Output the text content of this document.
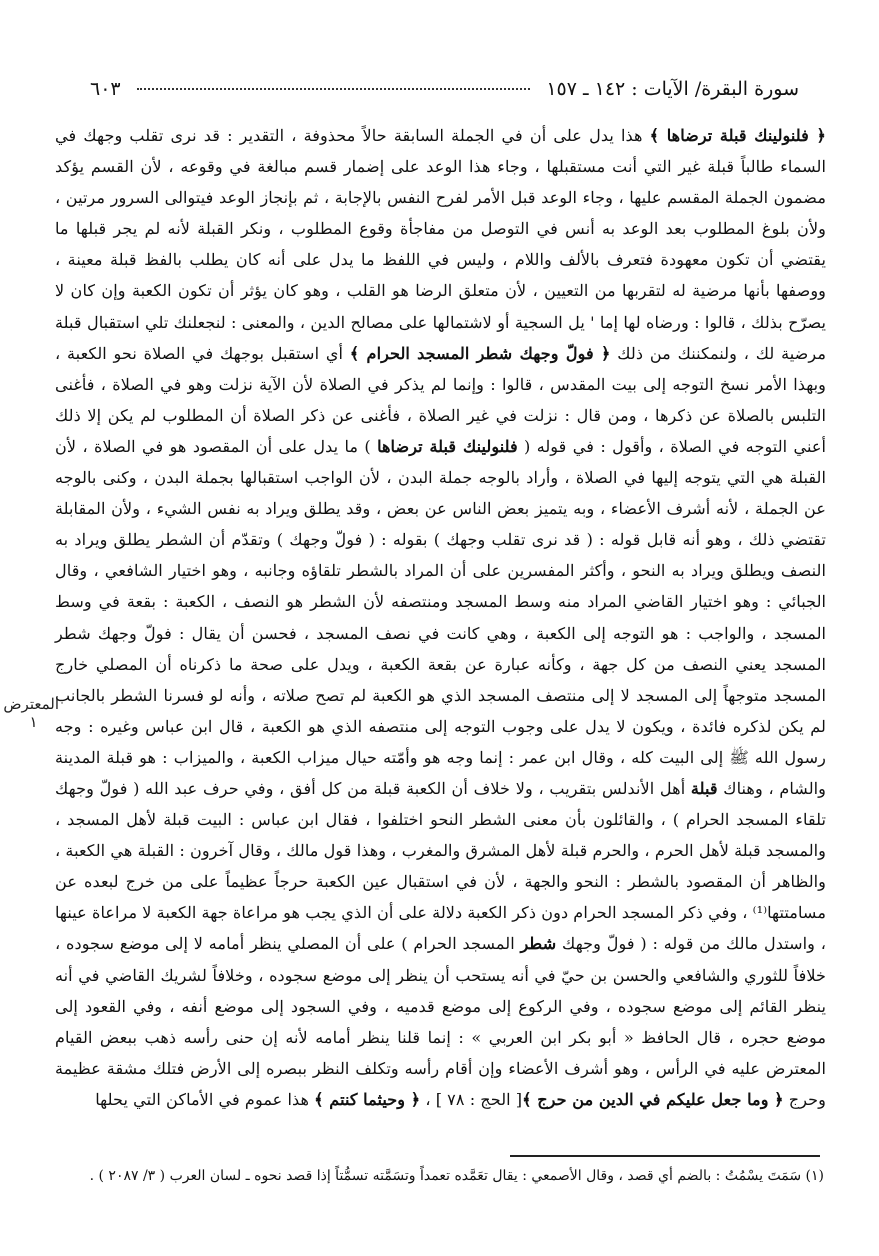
سورة البقرة/ الآيات : ١٤٢ ـ ١٥٧
٦٠٣

﴿ فلنولينك قبلة ترضاها ﴾ هذا يدل على أن في الجملة السابقة حالاً محذوفة ، التقدير : قد نرى تقلب وجهك في السماء طالباً قبلة غير التي أنت مستقبلها ، وجاء هذا الوعد على إضمار قسم مبالغة في وقوعه ، لأن القسم يؤكد مضمون الجملة المقسم عليها ، وجاء الوعد قبل الأمر لفرح النفس بالإجابة ، ثم بإنجاز الوعد فيتوالى السرور مرتين ، ولأن بلوغ المطلوب بعد الوعد به أنس في التوصل من مفاجأة وقوع المطلوب ، ونكر القبلة لأنه لم يجر قبلها ما يقتضي أن تكون معهودة فتعرف بالألف واللام ، وليس في اللفظ ما يدل على أنه كان يطلب بالفظ قبلة معينة ، ووصفها بأنها مرضية له لتقربها من التعيين ، لأن متعلق الرضا هو القلب ، وهو كان يؤثر أن تكون الكعبة وإن كان لا يصرّح بذلك ، قالوا : ورضاه لها إما ' يل السجية أو لاشتمالها على مصالح الدين ، والمعنى : لنجعلنك تلي استقبال قبلة مرضية لك ، ولنمكننك من ذلك ﴿ فولّ وجهك شطر المسجد الحرام ﴾ أي استقبل بوجهك في الصلاة نحو الكعبة ، وبهذا الأمر نسخ التوجه إلى بيت المقدس ، قالوا : وإنما لم يذكر في الصلاة لأن الآية نزلت وهو في الصلاة ، فأغنى التلبس بالصلاة عن ذكرها ، ومن قال : نزلت في غير الصلاة ، فأغنى عن ذكر الصلاة أن المطلوب لم يكن إلا ذلك أعني التوجه في الصلاة ، وأقول : في قوله ( فلنولينك قبلة ترضاها ) ما يدل على أن المقصود هو في الصلاة ، لأن القبلة هي التي يتوجه إليها في الصلاة ، وأراد بالوجه جملة البدن ، لأن الواجب استقبالها بجملة البدن ، وكنى بالوجه عن الجملة ، لأنه أشرف الأعضاء ، وبه يتميز بعض الناس عن بعض ، وقد يطلق ويراد به نفس الشيء ، ولأن المقابلة تقتضي ذلك ، وهو أنه قابل قوله : ( قد نرى تقلب وجهك ) بقوله : ( فولّ وجهك ) وتقدّم أن الشطر يطلق ويراد به النصف ويطلق ويراد به النحو ، وأكثر المفسرين على أن المراد بالشطر تلقاؤه وجانبه ، وهو اختيار الشافعي ، وقال الجبائي : وهو اختيار القاضي المراد منه وسط المسجد ومنتصفه لأن الشطر هو النصف ، الكعبة : بقعة في وسط المسجد ، والواجب : هو التوجه إلى الكعبة ، وهي كانت في نصف المسجد ، فحسن أن يقال : فولّ وجهك شطر المسجد يعني النصف من كل جهة ، وكأنه عبارة عن بقعة الكعبة ، ويدل على صحة ما ذكرناه أن المصلي خارج المسجد متوجهاً إلى المسجد لا إلى منتصف المسجد الذي هو الكعبة لم تصح صلاته ، وأنه لو فسرنا الشطر بالجانب لم يكن لذكره فائدة ، ويكون لا يدل على وجوب التوجه إلى منتصفه الذي هو الكعبة ، قال ابن عباس وغيره : وجه رسول الله ﷺ إلى البيت كله ، وقال ابن عمر : إنما وجه هو وأمّته حيال ميزاب الكعبة ، والميزاب : هو قبلة المدينة والشام ، وهناك قبلة أهل الأندلس بتقريب ، ولا خلاف أن الكعبة قبلة من كل أفق ، وفي حرف عبد الله ( فولّ وجهك تلقاء المسجد الحرام ) ، والقائلون بأن معنى الشطر النحو اختلفوا ، فقال ابن عباس : البيت قبلة لأهل المسجد ، والمسجد قبلة لأهل الحرم ، والحرم قبلة لأهل المشرق والمغرب ، وهذا قول مالك ، وقال آخرون : القبلة هي الكعبة ، والظاهر أن المقصود بالشطر : النحو والجهة ، لأن في استقبال عين الكعبة حرجاً عظيماً على من خرج لبعده عن مسامتتها⁽¹⁾ ، وفي ذكر المسجد الحرام دون ذكر الكعبة دلالة على أن الذي يجب هو مراعاة جهة الكعبة لا مراعاة عينها ، واستدل مالك من قوله : ( فولّ وجهك شطر المسجد الحرام ) على أن المصلي ينظر أمامه لا إلى موضع سجوده ، خلافاً للثوري والشافعي والحسن بن حيّ في أنه يستحب أن ينظر إلى موضع سجوده ، وخلافاً لشريك القاضي في أنه ينظر القائم إلى موضع سجوده ، وفي الركوع إلى موضع قدميه ، وفي السجود إلى موضع أنفه ، وفي القعود إلى موضع حجره ، قال الحافظ « أبو بكر ابن العربي » : إنما قلنا ينظر أمامه لأنه إن حنى رأسه ذهب ببعض القيام المعترض عليه في الرأس ، وهو أشرف الأعضاء وإن أقام رأسه وتكلف النظر ببصره إلى الأرض فتلك مشقة عظيمة وحرج ﴿ وما جعل عليكم في الدين من حرج ﴾[ الحج : ٧٨ ] ، ﴿ وحيثما كنتم ﴾ هذا عموم في الأماكن التي يحلها

المعترض
١
(١) سَمَتَ يسْمُتُ : بالضم أي قصد ، وقال الأصمعي : يقال تعَمَّده تعمداً وتسَمَّته تسمُّتاً إذا قصد نحوه ـ لسان العرب ( ٣/ ٢٠٨٧ ) .
